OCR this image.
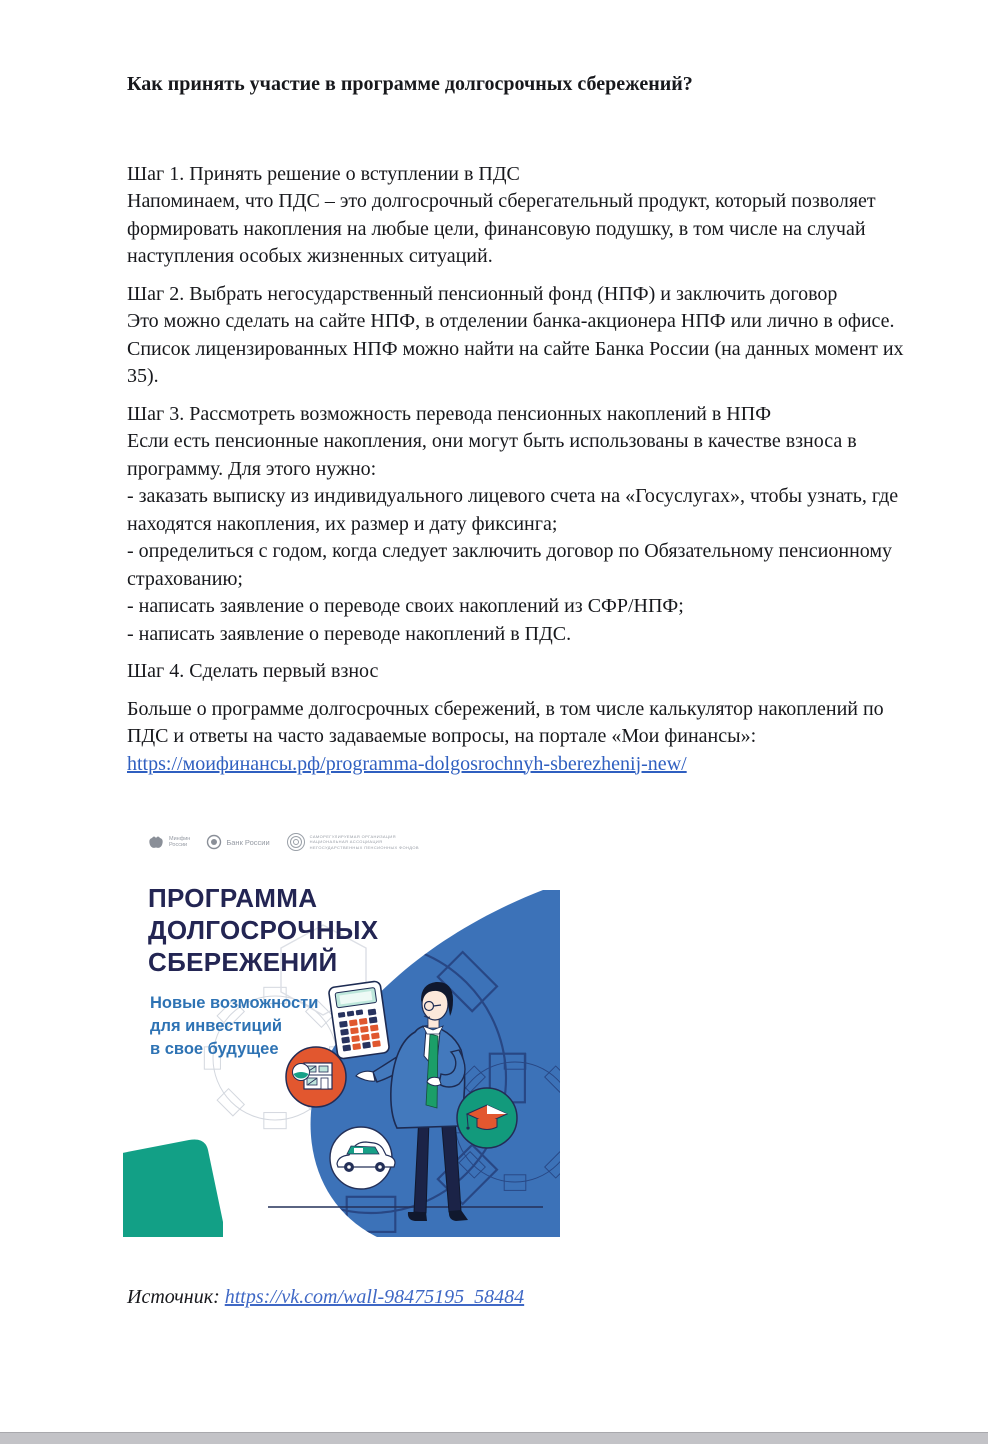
Как принять участие в программе долгосрочных сбережений?
Шаг 1. Принять решение о вступлении в ПДС
Напоминаем, что ПДС – это долгосрочный сберегательный продукт, который позволяет формировать накопления на любые цели, финансовую подушку, в том числе на случай наступления особых жизненных ситуаций.
Шаг 2. Выбрать негосударственный пенсионный фонд (НПФ) и заключить договор
Это можно сделать на сайте НПФ, в отделении банка-акционера НПФ или лично в офисе. Список лицензированных НПФ можно найти на сайте Банка России (на данных момент их 35).
Шаг 3. Рассмотреть возможность перевода пенсионных накоплений в НПФ
Если есть пенсионные накопления, они могут быть использованы в качестве взноса в программу. Для этого нужно:
- заказать выписку из индивидуального лицевого счета на «Госуслугах», чтобы узнать, где находятся накопления, их размер и дату фиксинга;
- определиться с годом, когда следует заключить договор по Обязательному пенсионному страхованию;
- написать заявление о переводе своих накоплений из СФР/НПФ;
- написать заявление о переводе накоплений в ПДС.
Шаг 4. Сделать первый взнос
Больше о программе долгосрочных сбережений, в том числе калькулятор накоплений по ПДС и ответы на часто задаваемые вопросы, на портале «Мои финансы»:
https://моифинансы.рф/programma-dolgosrochnyh-sberezhenij-new/
Минфин
России	Банк России
САМОРЕГУЛИРУЕМАЯ ОРГАНИЗАЦИЯ
НАЦИОНАЛЬНАЯ АССОЦИАЦИЯ
НЕГОСУДАРСТВЕННЫХ ПЕНСИОННЫХ ФОНДОВ
ПРОГРАММА
ДОЛГОСРОЧНЫХ
СБЕРЕЖЕНИЙ
Новые возможности
для инвестиций
в свое будущее
Источник: https://vk.com/wall-98475195_58484
